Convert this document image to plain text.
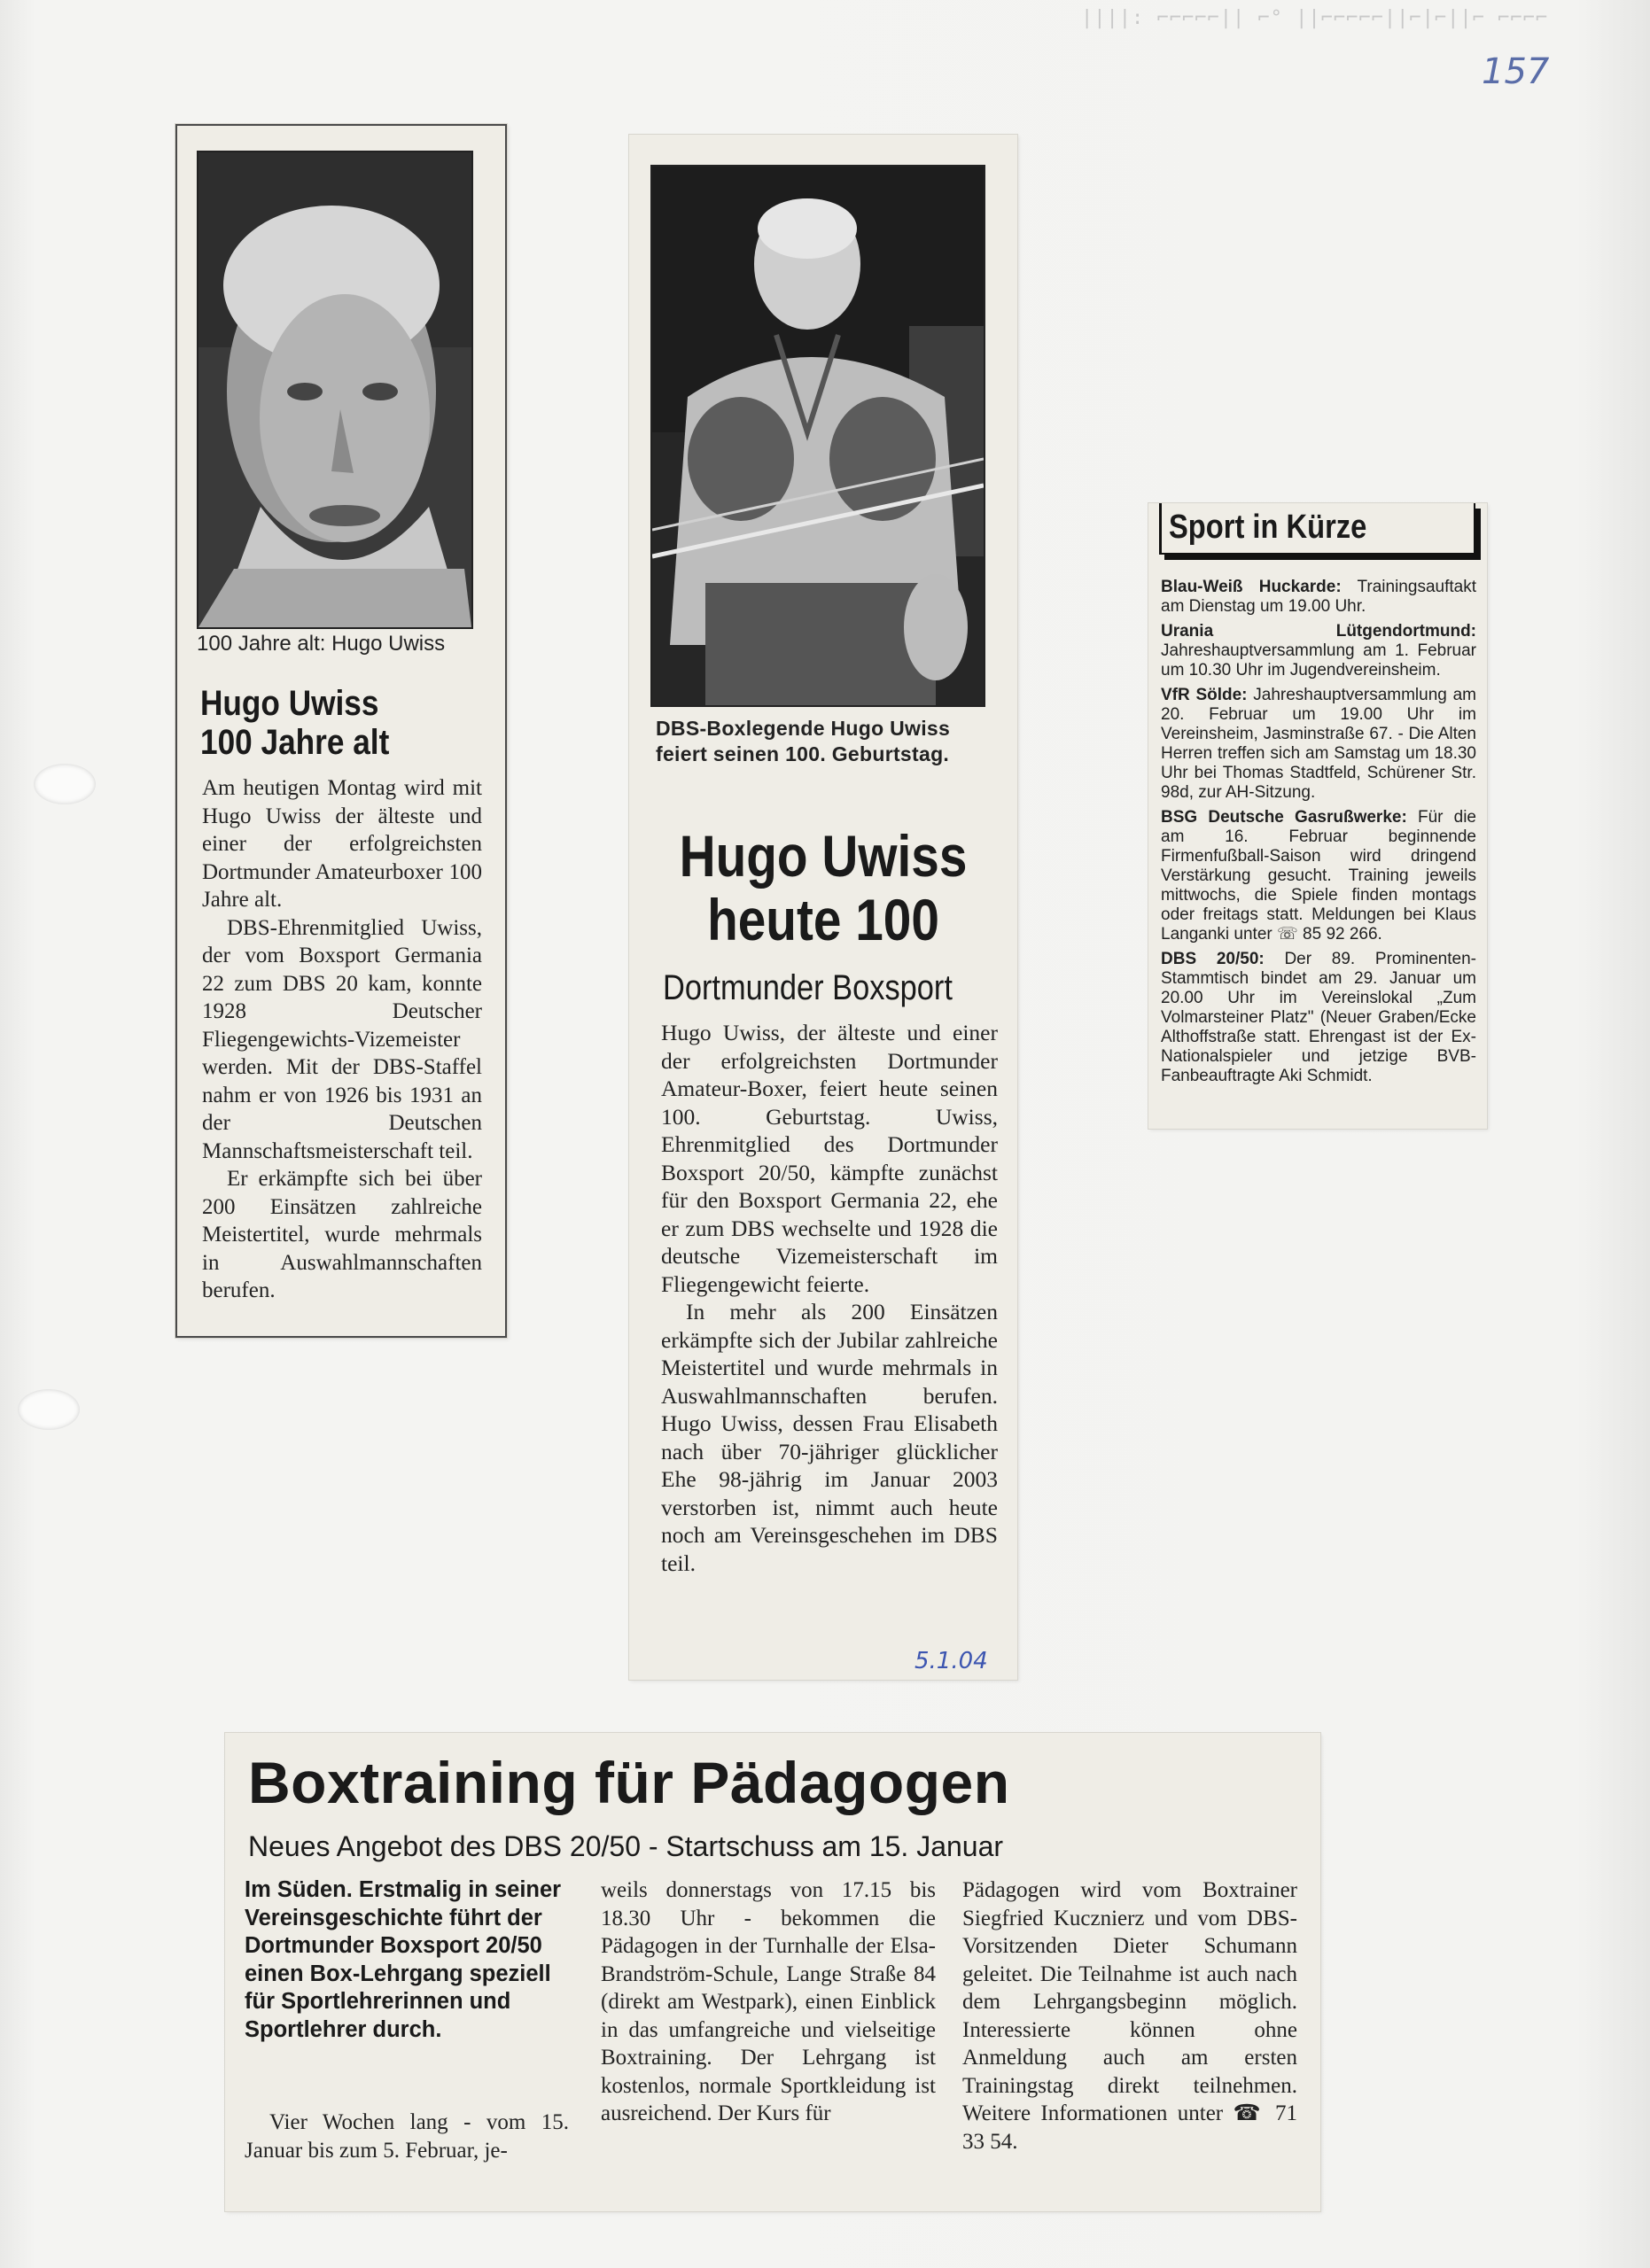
||||: ⌐⌐⌐⌐⌐|| ⌐° ||⌐⌐⌐⌐⌐||⌐|⌐||⌐ ⌐⌐⌐⌐
157
100 Jahre alt: Hugo Uwiss
Hugo Uwiss
100 Jahre alt

Am heutigen Montag wird mit Hugo Uwiss der älteste und einer der erfolgreichsten Dortmunder Amateurboxer 100 Jahre alt.

DBS-Ehrenmitglied Uwiss, der vom Boxsport Germania 22 zum DBS 20 kam, konnte 1928 Deutscher Fliegengewichts-Vizemeister werden. Mit der DBS-Staffel nahm er von 1926 bis 1931 an der Deutschen Mannschaftsmeisterschaft teil.

Er erkämpfte sich bei über 200 Einsätzen zahlreiche Meistertitel, wurde mehrmals in Auswahlmannschaften berufen.

DBS-Boxlegende Hugo Uwiss feiert seinen 100. Geburtstag.
Hugo Uwiss
heute 100
Dortmunder Boxsport

Hugo Uwiss, der älteste und einer der erfolgreichsten Dortmunder Amateur-Boxer, feiert heute seinen 100. Geburtstag. Uwiss, Ehrenmitglied des Dortmunder Boxsport 20/50, kämpfte zunächst für den Boxsport Germania 22, ehe er zum DBS wechselte und 1928 die deutsche Vizemeisterschaft im Fliegengewicht feierte.

In mehr als 200 Einsätzen erkämpfte sich der Jubilar zahlreiche Meistertitel und wurde mehrmals in Auswahlmannschaften berufen. Hugo Uwiss, dessen Frau Elisabeth nach über 70-jähriger glücklicher Ehe 98-jährig im Januar 2003 verstorben ist, nimmt auch heute noch am Vereinsgeschehen im DBS teil.

5.1.04
Sport in Kürze

Blau-Weiß Huckarde: Trainingsauftakt am Dienstag um 19.00 Uhr.

Urania Lütgendortmund: Jahreshauptversammlung am 1. Februar um 10.30 Uhr im Jugendvereinsheim.

VfR Sölde: Jahreshauptversammlung am 20. Februar um 19.00 Uhr im Vereinsheim, Jasminstraße 67. - Die Alten Herren treffen sich am Samstag um 18.30 Uhr bei Thomas Stadtfeld, Schürener Str. 98d, zur AH-Sitzung.

BSG Deutsche Gasrußwerke: Für die am 16. Februar beginnende Firmenfußball-Saison wird dringend Verstärkung gesucht. Training jeweils mittwochs, die Spiele finden montags oder freitags statt. Meldungen bei Klaus Langanki unter ☏ 85 92 266.

DBS 20/50: Der 89. Prominenten-Stammtisch bindet am 29. Januar um 20.00 Uhr im Vereinslokal „Zum Volmarsteiner Platz" (Neuer Graben/Ecke Althoffstraße statt. Ehrengast ist der Ex-Nationalspieler und jetzige BVB-Fanbeauftragte Aki Schmidt.

Boxtraining für Pädagogen
Neues Angebot des DBS 20/50 - Startschuss am 15. Januar
Im Süden. Erstmalig in seiner Vereinsgeschichte führt der Dortmunder Boxsport 20/50 einen Box-Lehrgang speziell für Sportlehrerinnen und Sportlehrer durch.

Vier Wochen lang - vom 15. Januar bis zum 5. Februar, je-

weils donnerstags von 17.15 bis 18.30 Uhr - bekommen die Pädagogen in der Turnhalle der Elsa-Brandström-Schule, Lange Straße 84 (direkt am Westpark), einen Einblick in das umfangreiche und vielseitige Boxtraining. Der Lehrgang ist kostenlos, normale Sportkleidung ist ausreichend. Der Kurs für
Pädagogen wird vom Boxtrainer Siegfried Kucznierz und vom DBS-Vorsitzenden Dieter Schumann geleitet. Die Teilnahme ist auch nach dem Lehrgangsbeginn möglich. Interessierte können ohne Anmeldung auch am ersten Trainingstag direkt teilnehmen. Weitere Informationen unter ☎ 71 33 54.
